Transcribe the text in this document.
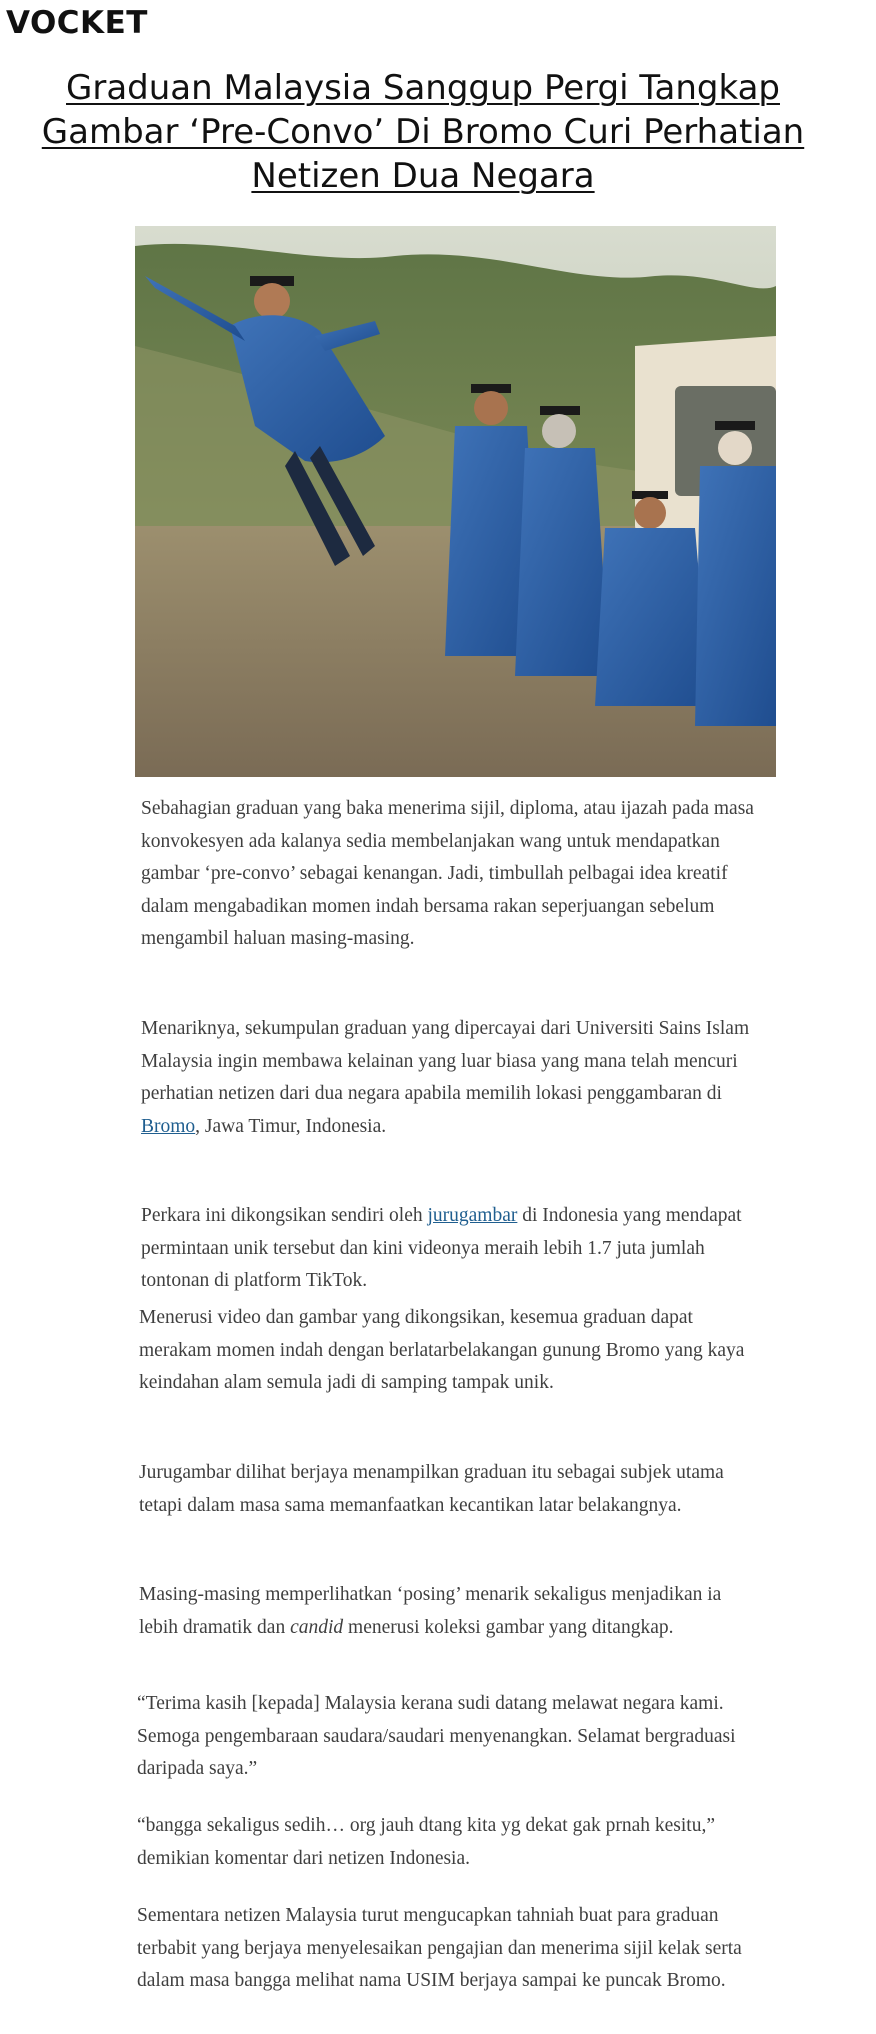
VOCKET
Graduan Malaysia Sanggup Pergi Tangkap Gambar ‘Pre-Convo’ Di Bromo Curi Perhatian Netizen Dua Negara

Sebahagian graduan yang baka menerima sijil, diploma, atau ijazah pada masa konvokesyen ada kalanya sedia membelanjakan wang untuk mendapatkan gambar ‘pre-convo’ sebagai kenangan. Jadi, timbullah pelbagai idea kreatif dalam mengabadikan momen indah bersama rakan seperjuangan sebelum mengambil haluan masing-masing.

Menariknya, sekumpulan graduan yang dipercayai dari Universiti Sains Islam Malaysia ingin membawa kelainan yang luar biasa yang mana telah mencuri perhatian netizen dari dua negara apabila memilih lokasi penggambaran di Bromo, Jawa Timur, Indonesia.

Perkara ini dikongsikan sendiri oleh jurugambar di Indonesia yang mendapat permintaan unik tersebut dan kini videonya meraih lebih 1.7 juta jumlah tontonan di platform TikTok.

Menerusi video dan gambar yang dikongsikan, kesemua graduan dapat merakam momen indah dengan berlatarbelakangan gunung Bromo yang kaya keindahan alam semula jadi di samping tampak unik.

Jurugambar dilihat berjaya menampilkan graduan itu sebagai subjek utama tetapi dalam masa sama memanfaatkan kecantikan latar belakangnya.

Masing-masing memperlihatkan ‘posing’ menarik sekaligus menjadikan ia lebih dramatik dan candid menerusi koleksi gambar yang ditangkap.

“Terima kasih [kepada] Malaysia kerana sudi datang melawat negara kami. Semoga pengembaraan saudara/saudari menyenangkan. Selamat bergraduasi daripada saya.”

“bangga sekaligus sedih… org jauh dtang kita yg dekat gak prnah kesitu,” demikian komentar dari netizen Indonesia.

Sementara netizen Malaysia turut mengucapkan tahniah buat para graduan terbabit yang berjaya menyelesaikan pengajian dan menerima sijil kelak serta dalam masa bangga melihat nama USIM berjaya sampai ke puncak Bromo.
